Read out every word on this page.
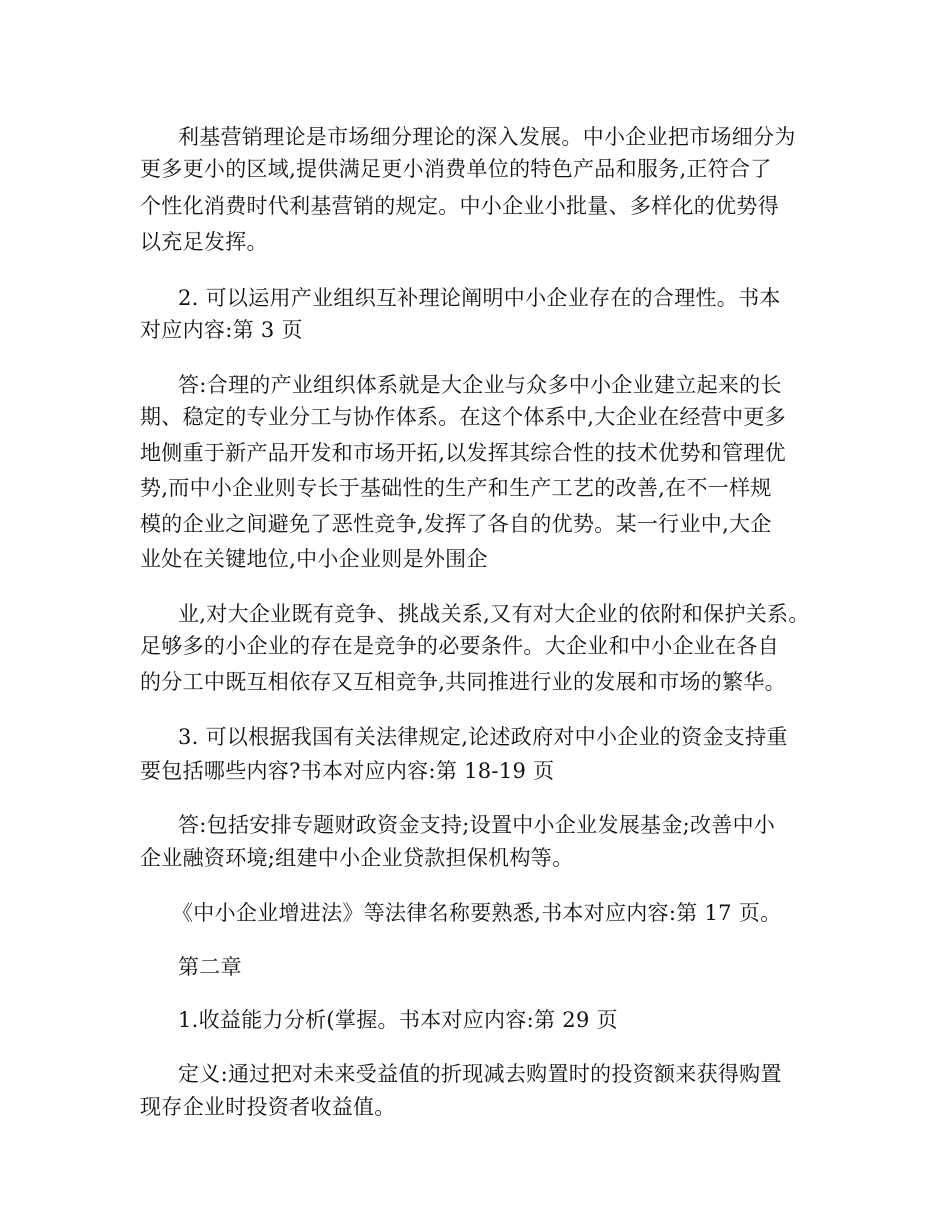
利基营销理论是市场细分理论的深入发展。中小企业把市场细分为
更多更小的区域,提供满足更小消费单位的特色产品和服务,正符合了
个性化消费时代利基营销的规定。中小企业小批量、多样化的优势得
以充足发挥。
2. 可以运用产业组织互补理论阐明中小企业存在的合理性。书本
对应内容:第 3 页
答:合理的产业组织体系就是大企业与众多中小企业建立起来的长
期、稳定的专业分工与协作体系。在这个体系中,大企业在经营中更多
地侧重于新产品开发和市场开拓,以发挥其综合性的技术优势和管理优
势,而中小企业则专长于基础性的生产和生产工艺的改善,在不一样规
模的企业之间避免了恶性竞争,发挥了各自的优势。某一行业中,大企
业处在关键地位,中小企业则是外围企
业,对大企业既有竞争、挑战关系,又有对大企业的依附和保护关系。
足够多的小企业的存在是竞争的必要条件。大企业和中小企业在各自
的分工中既互相依存又互相竞争,共同推进行业的发展和市场的繁华。
3. 可以根据我国有关法律规定,论述政府对中小企业的资金支持重
要包括哪些内容?书本对应内容:第 18-19 页
答:包括安排专题财政资金支持;设置中小企业发展基金;改善中小
企业融资环境;组建中小企业贷款担保机构等。
《中小企业增进法》等法律名称要熟悉,书本对应内容:第 17 页。
第二章
1.收益能力分析(掌握。书本对应内容:第 29 页
定义:通过把对未来受益值的折现减去购置时的投资额来获得购置
现存企业时投资者收益值。
